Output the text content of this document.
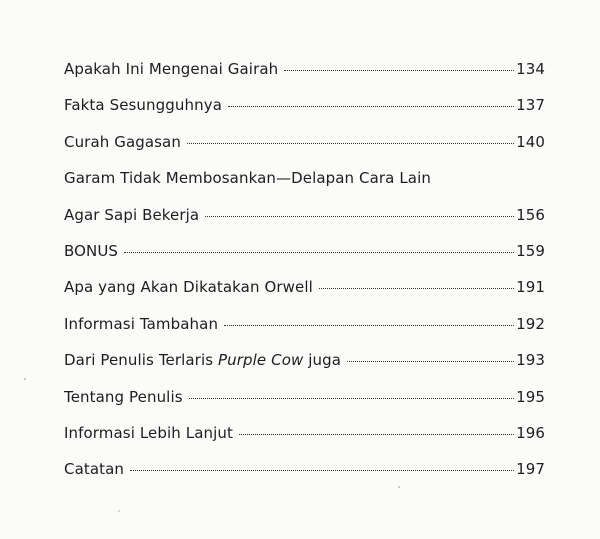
Apakah Ini Mengenai Gairah	134
Fakta Sesungguhnya	137
Curah Gagasan	140
Garam Tidak Membosankan—Delapan Cara Lain
Agar Sapi Bekerja	156
BONUS	159
Apa yang Akan Dikatakan Orwell	191
Informasi Tambahan	192
Dari Penulis Terlaris Purple Cow juga	193
Tentang Penulis	195
Informasi Lebih Lanjut	196
Catatan	197
